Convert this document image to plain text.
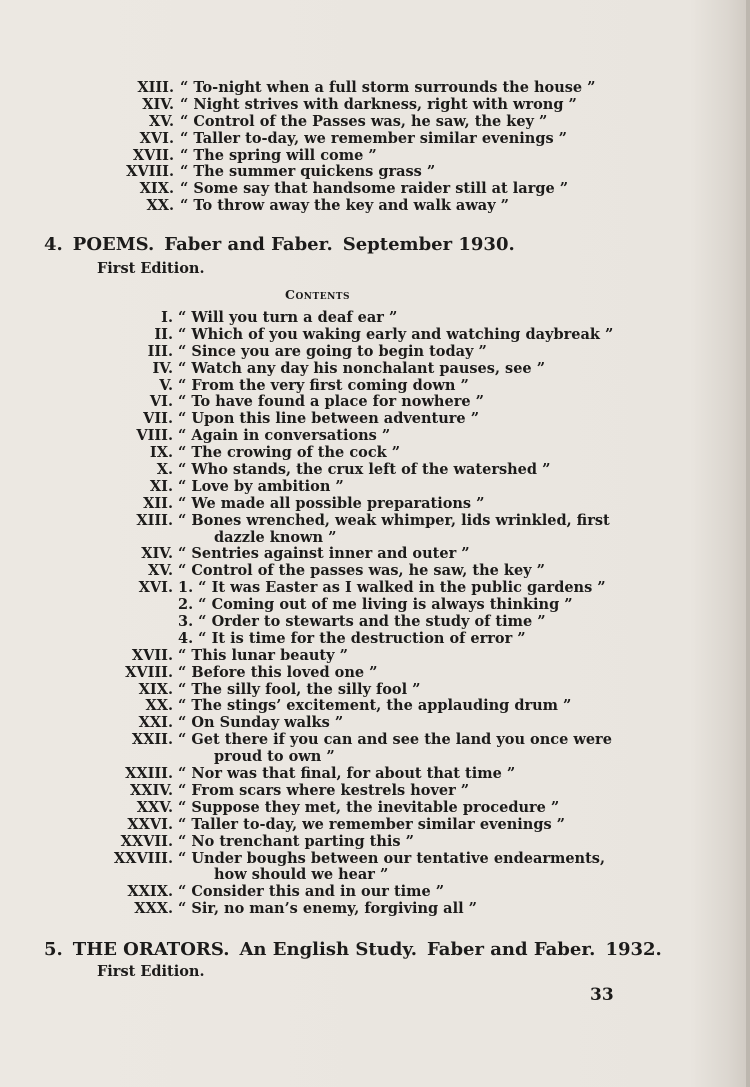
XIII. “ To-night when a full storm surrounds the house ”
XIV. “ Night strives with darkness, right with wrong ”
XV. “ Control of the Passes was, he saw, the key ”
XVI. “ Taller to-day, we remember similar evenings ”
XVII. “ The spring will come ”
XVIII. “ The summer quickens grass ”
XIX. “ Some say that handsome raider still at large ”
XX. “ To throw away the key and walk away ”
4. POEMS. Faber and Faber. September 1930.
First Edition.
Contents
I. “ Will you turn a deaf ear ”
II. “ Which of you waking early and watching daybreak ”
III. “ Since you are going to begin today ”
IV. “ Watch any day his nonchalant pauses, see ”
V. “ From the very first coming down ”
VI. “ To have found a place for nowhere ”
VII. “ Upon this line between adventure ”
VIII. “ Again in conversations ”
IX. “ The crowing of the cock ”
X. “ Who stands, the crux left of the watershed ”
XI. “ Love by ambition ”
XII. “ We made all possible preparations ”
XIII. “ Bones wrenched, weak whimper, lids wrinkled, first
dazzle known ”
XIV. “ Sentries against inner and outer ”
XV. “ Control of the passes was, he saw, the key ”
XVI. 1. “ It was Easter as I walked in the public gardens ”
2. “ Coming out of me living is always thinking ”
3. “ Order to stewarts and the study of time ”
4. “ It is time for the destruction of error ”
XVII. “ This lunar beauty ”
XVIII. “ Before this loved one ”
XIX. “ The silly fool, the silly fool ”
XX. “ The stings’ excitement, the applauding drum ”
XXI. “ On Sunday walks ”
XXII. “ Get there if you can and see the land you once were
proud to own ”
XXIII. “ Nor was that final, for about that time ”
XXIV. “ From scars where kestrels hover ”
XXV. “ Suppose they met, the inevitable procedure ”
XXVI. “ Taller to-day, we remember similar evenings ”
XXVII. “ No trenchant parting this ”
XXVIII. “ Under boughs between our tentative endearments,
how should we hear ”
XXIX. “ Consider this and in our time ”
XXX. “ Sir, no man’s enemy, forgiving all ”
5. THE ORATORS. An English Study. Faber and Faber. 1932.
First Edition.
33
